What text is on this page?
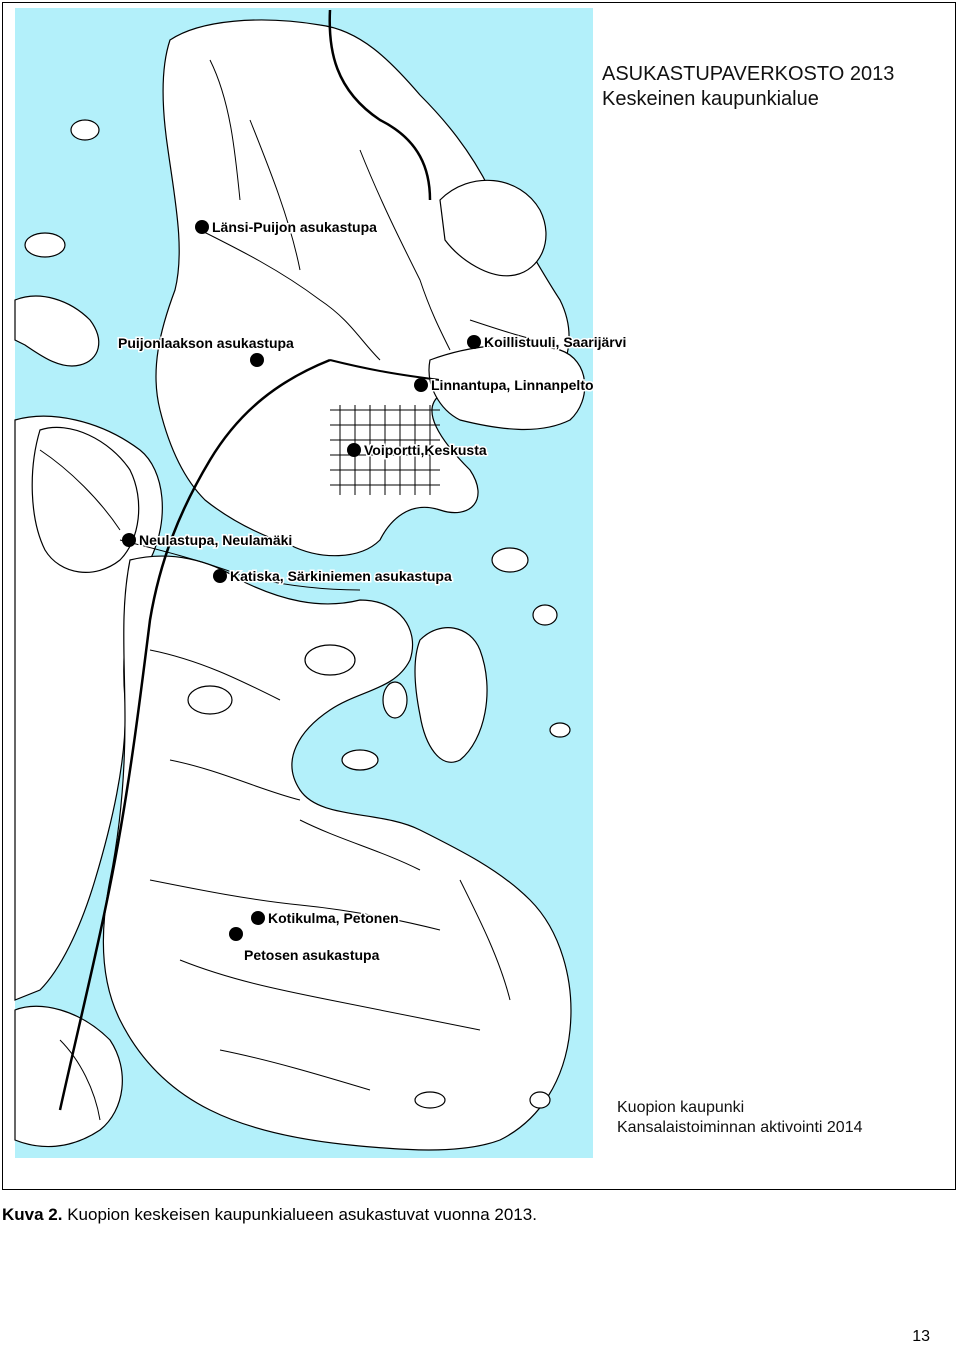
Länsi-Puijon asukastupa
Puijonlaakson asukastupa	Koillistuuli, Saarijärvi
Linnantupa, Linnanpelto
Voiportti,Keskusta
Neulastupa, Neulamäki
Katiska, Särkiniemen asukastupa
Kotikulma, Petonen
Petosen asukastupa
ASUKASTUPAVERKOSTO 2013
Keskeinen kaupunkialue
Kuopion kaupunki
Kansalaistoiminnan aktivointi 2014
Kuva 2. Kuopion keskeisen kaupunkialueen asukastuvat vuonna 2013.
13
